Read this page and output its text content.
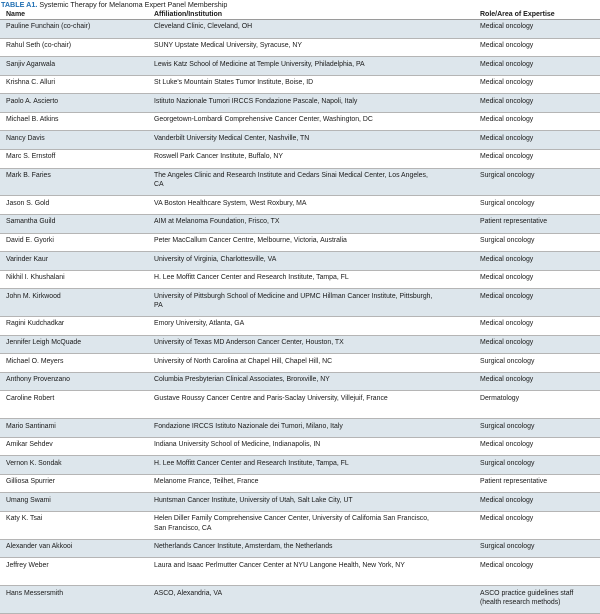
TABLE A1. Systemic Therapy for Melanoma Expert Panel Membership
Name	Affiliation/Institution	Role/Area of Expertise
Pauline Funchain (co-chair)	Cleveland Clinic, Cleveland, OH	Medical oncology
Rahul Seth (co-chair)	SUNY Upstate Medical University, Syracuse, NY	Medical oncology
Sanjiv Agarwala	Lewis Katz School of Medicine at Temple University, Philadelphia, PA	Medical oncology
Krishna C. Alluri	St Luke's Mountain States Tumor Institute, Boise, ID	Medical oncology
Paolo A. Ascierto	Istituto Nazionale Tumori IRCCS Fondazione Pascale, Napoli, Italy	Medical oncology
Michael B. Atkins	Georgetown-Lombardi Comprehensive Cancer Center, Washington, DC	Medical oncology
Nancy Davis	Vanderbilt University Medical Center, Nashville, TN	Medical oncology
Marc S. Ernstoff	Roswell Park Cancer Institute, Buffalo, NY	Medical oncology
Mark B. Faries	The Angeles Clinic and Research Institute and Cedars Sinai Medical Center, Los Angeles, CA	Surgical oncology
Jason S. Gold	VA Boston Healthcare System, West Roxbury, MA	Surgical oncology
Samantha Guild	AIM at Melanoma Foundation, Frisco, TX	Patient representative
David E. Gyorki	Peter MacCallum Cancer Centre, Melbourne, Victoria, Australia	Surgical oncology
Varinder Kaur	University of Virginia, Charlottesville, VA	Medical oncology
Nikhil I. Khushalani	H. Lee Moffitt Cancer Center and Research Institute, Tampa, FL	Medical oncology
John M. Kirkwood	University of Pittsburgh School of Medicine and UPMC Hillman Cancer Institute, Pittsburgh, PA	Medical oncology
Ragini Kudchadkar	Emory University, Atlanta, GA	Medical oncology
Jennifer Leigh McQuade	University of Texas MD Anderson Cancer Center, Houston, TX	Medical oncology
Michael O. Meyers	University of North Carolina at Chapel Hill, Chapel Hill, NC	Surgical oncology
Anthony Provenzano	Columbia Presbyterian Clinical Associates, Bronxville, NY	Medical oncology
Caroline Robert	Gustave Roussy Cancer Centre and Paris-Saclay University, Villejuif, France	Dermatology
Mario Santinami	Fondazione IRCCS Istituto Nazionale dei Tumori, Milano, Italy	Surgical oncology
Amikar Sehdev	Indiana University School of Medicine, Indianapolis, IN	Medical oncology
Vernon K. Sondak	H. Lee Moffitt Cancer Center and Research Institute, Tampa, FL	Surgical oncology
Gilliosa Spurrier	Melanome France, Teilhet, France	Patient representative
Umang Swami	Huntsman Cancer Institute, University of Utah, Salt Lake City, UT	Medical oncology
Katy K. Tsai	Helen Diller Family Comprehensive Cancer Center, University of California San Francisco, San Francisco, CA	Medical oncology
Alexander van Akkooi	Netherlands Cancer Institute, Amsterdam, the Netherlands	Surgical oncology
Jeffrey Weber	Laura and Isaac Perlmutter Cancer Center at NYU Langone Health, New York, NY	Medical oncology
Hans Messersmith	ASCO, Alexandria, VA	ASCO practice guidelines staff (health research methods)
